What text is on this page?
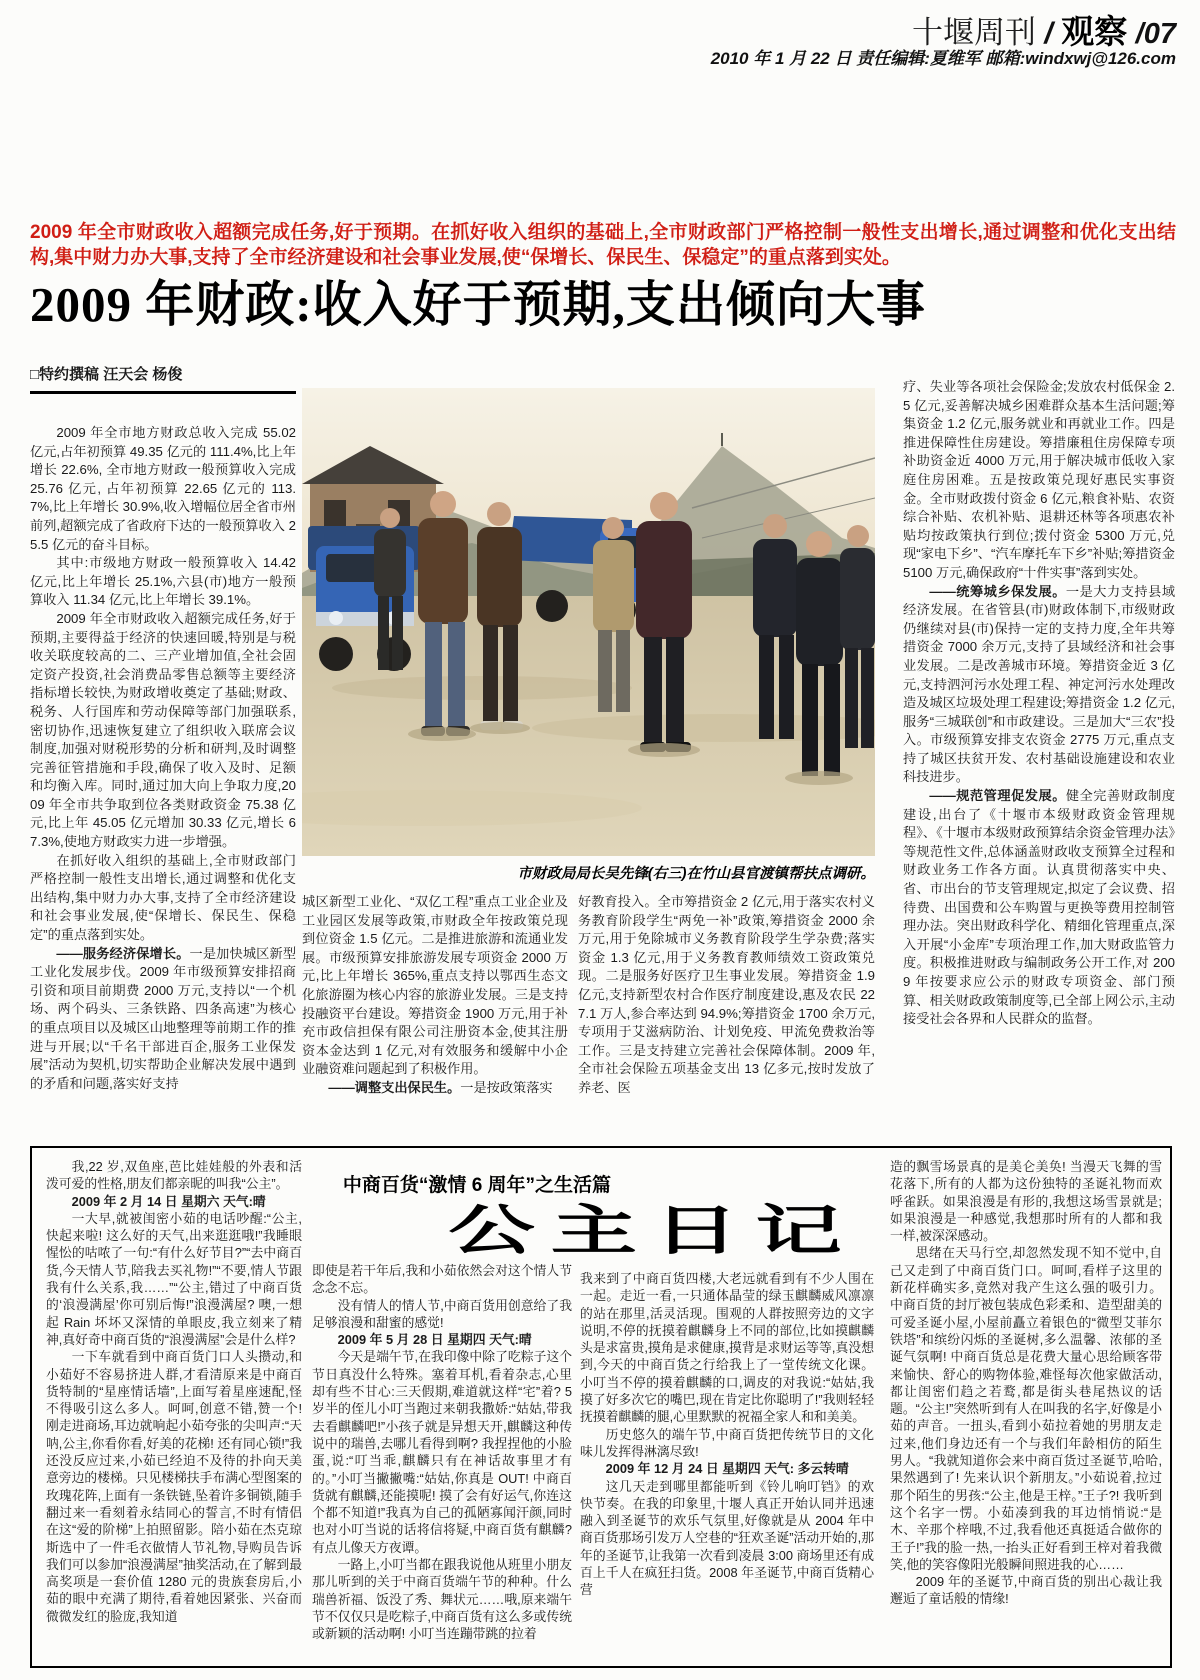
十堰周刊 / 观察 /07
2010 年 1 月 22 日 责任编辑:夏维军 邮箱:windxwj@126.com
2009 年全市财政收入超额完成任务,好于预期。在抓好收入组织的基础上,全市财政部门严格控制一般性支出增长,通过调整和优化支出结构,集中财力办大事,支持了全市经济建设和社会事业发展,使“保增长、保民生、保稳定”的重点落到实处。
2009 年财政:收入好于预期,支出倾向大事
□特约撰稿 汪天会 杨俊

2009 年全市地方财政总收入完成 55.02 亿元,占年初预算 49.35 亿元的 111.4%,比上年增长 22.6%, 全市地方财政一般预算收入完成 25.76 亿元, 占年初预算 22.65 亿元的 113.7%,比上年增长 30.9%,收入增幅位居全省市州前列,超额完成了省政府下达的一般预算收入 25.5 亿元的奋斗目标。

其中:市级地方财政一般预算收入 14.42 亿元,比上年增长 25.1%,六县(市)地方一般预算收入 11.34 亿元,比上年增长 39.1%。

2009 年全市财政收入超额完成任务,好于预期,主要得益于经济的快速回暖,特别是与税收关联度较高的二、三产业增加值,全社会固定资产投资,社会消费品零售总额等主要经济指标增长较快,为财政增收奠定了基础;财政、税务、人行国库和劳动保障等部门加强联系,密切协作,迅速恢复建立了组织收入联席会议制度,加强对财税形势的分析和研判,及时调整完善征管措施和手段,确保了收入及时、足额和均衡入库。同时,通过加大向上争取力度,2009 年全市共争取到位各类财政资金 75.38 亿元,比上年 45.05 亿元增加 30.33 亿元,增长 67.3%,使地方财政实力进一步增强。

在抓好收入组织的基础上,全市财政部门严格控制一般性支出增长,通过调整和优化支出结构,集中财力办大事,支持了全市经济建设和社会事业发展,使“保增长、保民生、保稳定”的重点落到实处。

——服务经济保增长。一是加快城区新型工业化发展步伐。2009 年市级预算安排招商引资和项目前期费 2000 万元,支持以“一个机场、两个码头、三条铁路、四条高速”为核心的重点项目以及城区山地整理等前期工作的推进与开展;以“千名干部进百企,服务工业保发展”活动为契机,切实帮助企业解决发展中遇到的矛盾和问题,落实好支持

市财政局局长吴先锋(右三)在竹山县官渡镇帮扶点调研。

城区新型工业化、“双亿工程”重点工业企业及工业园区发展等政策,市财政全年按政策兑现到位资金 1.5 亿元。二是推进旅游和流通业发展。市级预算安排旅游发展专项资金 2000 万元,比上年增长 365%,重点支持以鄂西生态文化旅游圈为核心内容的旅游业发展。三是支持投融资平台建设。筹措资金 1900 万元,用于补充市政信担保有限公司注册资本金,使其注册资本金达到 1 亿元,对有效服务和缓解中小企业融资难问题起到了积极作用。

——调整支出保民生。一是按政策落实

好教育投入。全市筹措资金 2 亿元,用于落实农村义务教育阶段学生“两免一补”政策,筹措资金 2000 余万元,用于免除城市义务教育阶段学生学杂费;落实资金 1.3 亿元,用于义务教育教师绩效工资政策兑现。二是服务好医疗卫生事业发展。筹措资金 1.9 亿元,支持新型农村合作医疗制度建设,惠及农民 227.1 万人,参合率达到 94.9%;筹措资金 1700 余万元,专项用于艾滋病防治、计划免疫、甲流免费救治等工作。三是支持建立完善社会保障体制。2009 年,全市社会保险五项基金支出 13 亿多元,按时发放了养老、医

疗、失业等各项社会保险金;发放农村低保金 2.5 亿元,妥善解决城乡困难群众基本生活问题;筹集资金 1.2 亿元,服务就业和再就业工作。四是推进保障性住房建设。筹措廉租住房保障专项补助资金近 4000 万元,用于解决城市低收入家庭住房困难。五是按政策兑现好惠民实事资金。全市财政拨付资金 6 亿元,粮食补贴、农资综合补贴、农机补贴、退耕还林等各项惠农补贴均按政策执行到位;拨付资金 5300 万元,兑现“家电下乡”、“汽车摩托车下乡”补贴;筹措资金 5100 万元,确保政府“十件实事”落到实处。

——统筹城乡保发展。一是大力支持县域经济发展。在省管县(市)财政体制下,市级财政仍继续对县(市)保持一定的支持力度,全年共筹措资金 7000 余万元,支持了县域经济和社会事业发展。二是改善城市环境。筹措资金近 3 亿元,支持泗河污水处理工程、神定河污水处理改造及城区垃圾处理工程建设;筹措资金 1.2 亿元,服务“三城联创”和市政建设。三是加大“三农”投入。市级预算安排支农资金 2775 万元,重点支持了城区扶贫开发、农村基础设施建设和农业科技进步。

——规范管理促发展。健全完善财政制度建设,出台了《十堰市本级财政资金管理规程》、《十堰市本级财政预算结余资金管理办法》等规范性文件,总体涵盖财政收支预算全过程和财政业务工作各方面。认真贯彻落实中央、省、市出台的节支管理规定,拟定了会议费、招待费、出国费和公车购置与更换等费用控制管理办法。突出财政科学化、精细化管理重点,深入开展“小金库”专项治理工作,加大财政监管力度。积极推进财政与编制政务公开工作,对 2009 年按要求应公示的财政专项资金、部门预算、相关财政政策制度等,已全部上网公示,主动接受社会各界和人民群众的监督。

中商百货“激情 6 周年”之生活篇
公主日记

我,22 岁,双鱼座,芭比娃娃般的外表和活泼可爱的性格,朋友们都亲昵的叫我“公主”。

2009 年 2 月 14 日 星期六 天气:晴

一大早,就被闺密小茹的电话吵醒:“公主,快起来啦! 这么好的天气,出来逛逛哦!”我睡眼惺忪的咕哝了一句:“有什么好节目?”“去中商百货,今天情人节,陪我去买礼物!”“不要,情人节跟我有什么关系,我……”“公主,错过了中商百货的‘浪漫满屋’你可别后悔!”浪漫满屋? 噢,一想起 Rain 坏坏又深情的单眼皮,我立刻来了精神,真好奇中商百货的“浪漫满屋”会是什么样?

一下车就看到中商百货门口人头攒动,和小茹好不容易挤进人群,才看清原来是中商百货特制的“星座情话墙”,上面写着星座速配,怪不得吸引这么多人。呵呵,创意不错,赞一个! 刚走进商场,耳边就响起小茹夸张的尖叫声:“天呐,公主,你看你看,好美的花梯! 还有同心锁!”我还没反应过来,小茹已经迫不及待的扑向天美意旁边的楼梯。只见楼梯扶手布满心型图案的玫瑰花阵,上面有一条铁链,坠着许多铜锁,随手翻过来一看刻着永结同心的誓言,不时有情侣在这“爱的阶梯”上拍照留影。陪小茹在杰克琼斯选中了一件毛衣做情人节礼物,导购员告诉我们可以参加“浪漫满屋”抽奖活动,在了解到最高奖项是一套价值 1280 元的贵族套房后,小茹的眼中充满了期待,看着她因紧张、兴奋而微微发红的脸庞,我知道

即使是若干年后,我和小茹依然会对这个情人节念念不忘。

没有情人的情人节,中商百货用创意给了我足够浪漫和甜蜜的感觉!

2009 年 5 月 28 日 星期四 天气:晴

今天是端午节,在我印像中除了吃粽子这个节日真没什么特殊。塞着耳机,看着杂志,心里却有些不甘心:三天假期,难道就这样“宅”着? 5 岁半的侄儿小叮当跑过来朝我撒娇:“姑姑,带我去看麒麟吧!”小孩子就是异想天开,麒麟这种传说中的瑞兽,去哪儿看得到啊? 我捏捏他的小脸蛋,说:“叮当乖,麒麟只有在神话故事里才有的。”小叮当撇撇嘴:“姑姑,你真是 OUT! 中商百货就有麒麟,还能摸呢! 摸了会有好运气,你连这个都不知道!”我真为自己的孤陋寡闻汗颜,同时也对小叮当说的话将信将疑,中商百货有麒麟? 有点儿像天方夜谭。

一路上,小叮当都在跟我说他从班里小朋友那儿听到的关于中商百货端午节的种种。什么瑞兽祈福、饭没了秀、舞状元……哦,原来端午节不仅仅只是吃粽子,中商百货有这么多或传统或新颖的活动啊! 小叮当连蹦带跳的拉着

我来到了中商百货四楼,大老远就看到有不少人围在一起。走近一看,一只通体晶莹的绿玉麒麟威风凛凛的站在那里,活灵活现。围观的人群按照旁边的文字说明,不停的抚摸着麒麟身上不同的部位,比如摸麒麟头是求富贵,摸角是求健康,摸背是求财运等等,真没想到,今天的中商百货之行给我上了一堂传统文化课。小叮当不停的摸着麒麟的口,调皮的对我说:“姑姑,我摸了好多次它的嘴巴,现在肯定比你聪明了!”我则轻轻抚摸着麒麟的腿,心里默默的祝福全家人和和美美。

历史悠久的端午节,中商百货把传统节日的文化味儿发挥得淋漓尽致!

2009 年 12 月 24 日 星期四 天气: 多云转晴

这几天走到哪里都能听到《铃儿响叮铛》的欢快节奏。在我的印象里,十堰人真正开始认同并迅速融入到圣诞节的欢乐气氛里,好像就是从 2004 年中商百货那场引发万人空巷的“狂欢圣诞”活动开始的,那年的圣诞节,让我第一次看到凌晨 3:00 商场里还有成百上千人在疯狂扫货。2008 年圣诞节,中商百货精心营

造的飘雪场景真的是美仑美奂! 当漫天飞舞的雪花落下,所有的人都为这份独特的圣诞礼物而欢呼雀跃。如果浪漫是有形的,我想这场雪景就是;如果浪漫是一种感觉,我想那时所有的人都和我一样,被深深感动。

思绪在天马行空,却忽然发现不知不觉中,自己又走到了中商百货门口。呵呵,看样子这里的新花样确实多,竟然对我产生这么强的吸引力。中商百货的封厅被包装成色彩柔和、造型甜美的可爱圣诞小屋,小屋前矗立着银色的“微型艾菲尔铁塔”和缤纷闪烁的圣诞树,多么温馨、浓郁的圣诞气氛啊! 中商百货总是花费大量心思给顾客带来愉快、舒心的购物体验,难怪每次他家做活动,都让闺密们趋之若鹜,都是街头巷尾热议的话题。“公主!”突然听到有人在叫我的名字,好像是小茹的声音。一扭头,看到小茹拉着她的男朋友走过来,他们身边还有一个与我们年龄相仿的陌生男人。“我就知道你会来中商百货过圣诞节,哈哈,果然遇到了! 先来认识个新朋友。”小茹说着,拉过那个陌生的男孩:“公主,他是王梓。”王子?! 我听到这个名字一愣。小茹凑到我的耳边悄悄说:“是木、辛那个梓哦,不过,我看他还真挺适合做你的王子!”我的脸一热,一抬头正好看到王梓对着我微笑,他的笑容像阳光般瞬间照进我的心……

2009 年的圣诞节,中商百货的别出心裁让我邂逅了童话般的情缘!
